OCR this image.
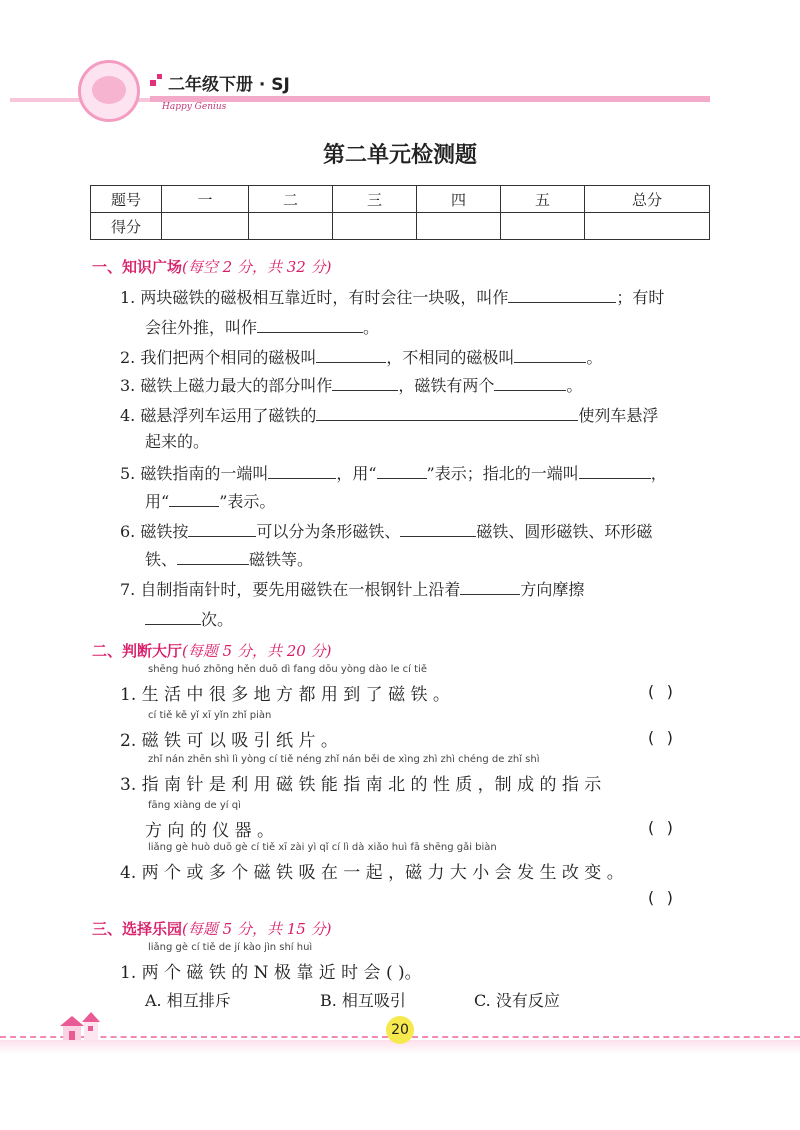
二年级下册 · SJ
Happy Genius
第二单元检测题
题号	一	二	三	四	五	总分
得分						
一、知识广场(每空 2 分，共 32 分)
1. 两块磁铁的磁极相互靠近时，有时会往一块吸，叫作	；有时
会往外推，叫作	。
2. 我们把两个相同的磁极叫	，不相同的磁极叫	。
3. 磁铁上磁力最大的部分叫作	，磁铁有两个	。
4. 磁悬浮列车运用了磁铁的	使列车悬浮
起来的。
5. 磁铁指南的一端叫	，用“	”表示；指北的一端叫	，
用“	”表示。
6. 磁铁按	可以分为条形磁铁、	磁铁、圆形磁铁、环形磁
铁、	磁铁等。
7. 自制指南针时，要先用磁铁在一根钢针上沿着	方向摩擦
次。
二、判断大厅(每题 5 分，共 20 分)
shēng huó zhōng hěn duō dì fang dōu yòng dào le cí tiě
1. 生 活 中 很 多 地 方 都 用 到 了 磁 铁 。	( )
cí tiě kě yǐ xī yǐn zhǐ piàn
2. 磁 铁 可 以 吸 引 纸 片 。	( )
zhǐ nán zhēn shì lì yòng cí tiě néng zhǐ nán běi de xìng zhì zhì chéng de zhǐ shì
3. 指 南 针 是 利 用 磁 铁 能 指 南 北 的 性 质 ，制 成 的 指 示
fāng xiàng de yí qì
方 向 的 仪 器 。	( )
liǎng gè huò duō gè cí tiě xī zài yì qǐ cí lì dà xiǎo huì fā shēng gǎi biàn
4. 两 个 或 多 个 磁 铁 吸 在 一 起 ，磁 力 大 小 会 发 生 改 变 。
( )
三、选择乐园(每题 5 分，共 15 分)
liǎng gè cí tiě de jí kào jìn shí huì
1. 两 个 磁 铁 的 N 极 靠 近 时 会 ( )。
A. 相互排斥	B. 相互吸引	C. 没有反应
20
